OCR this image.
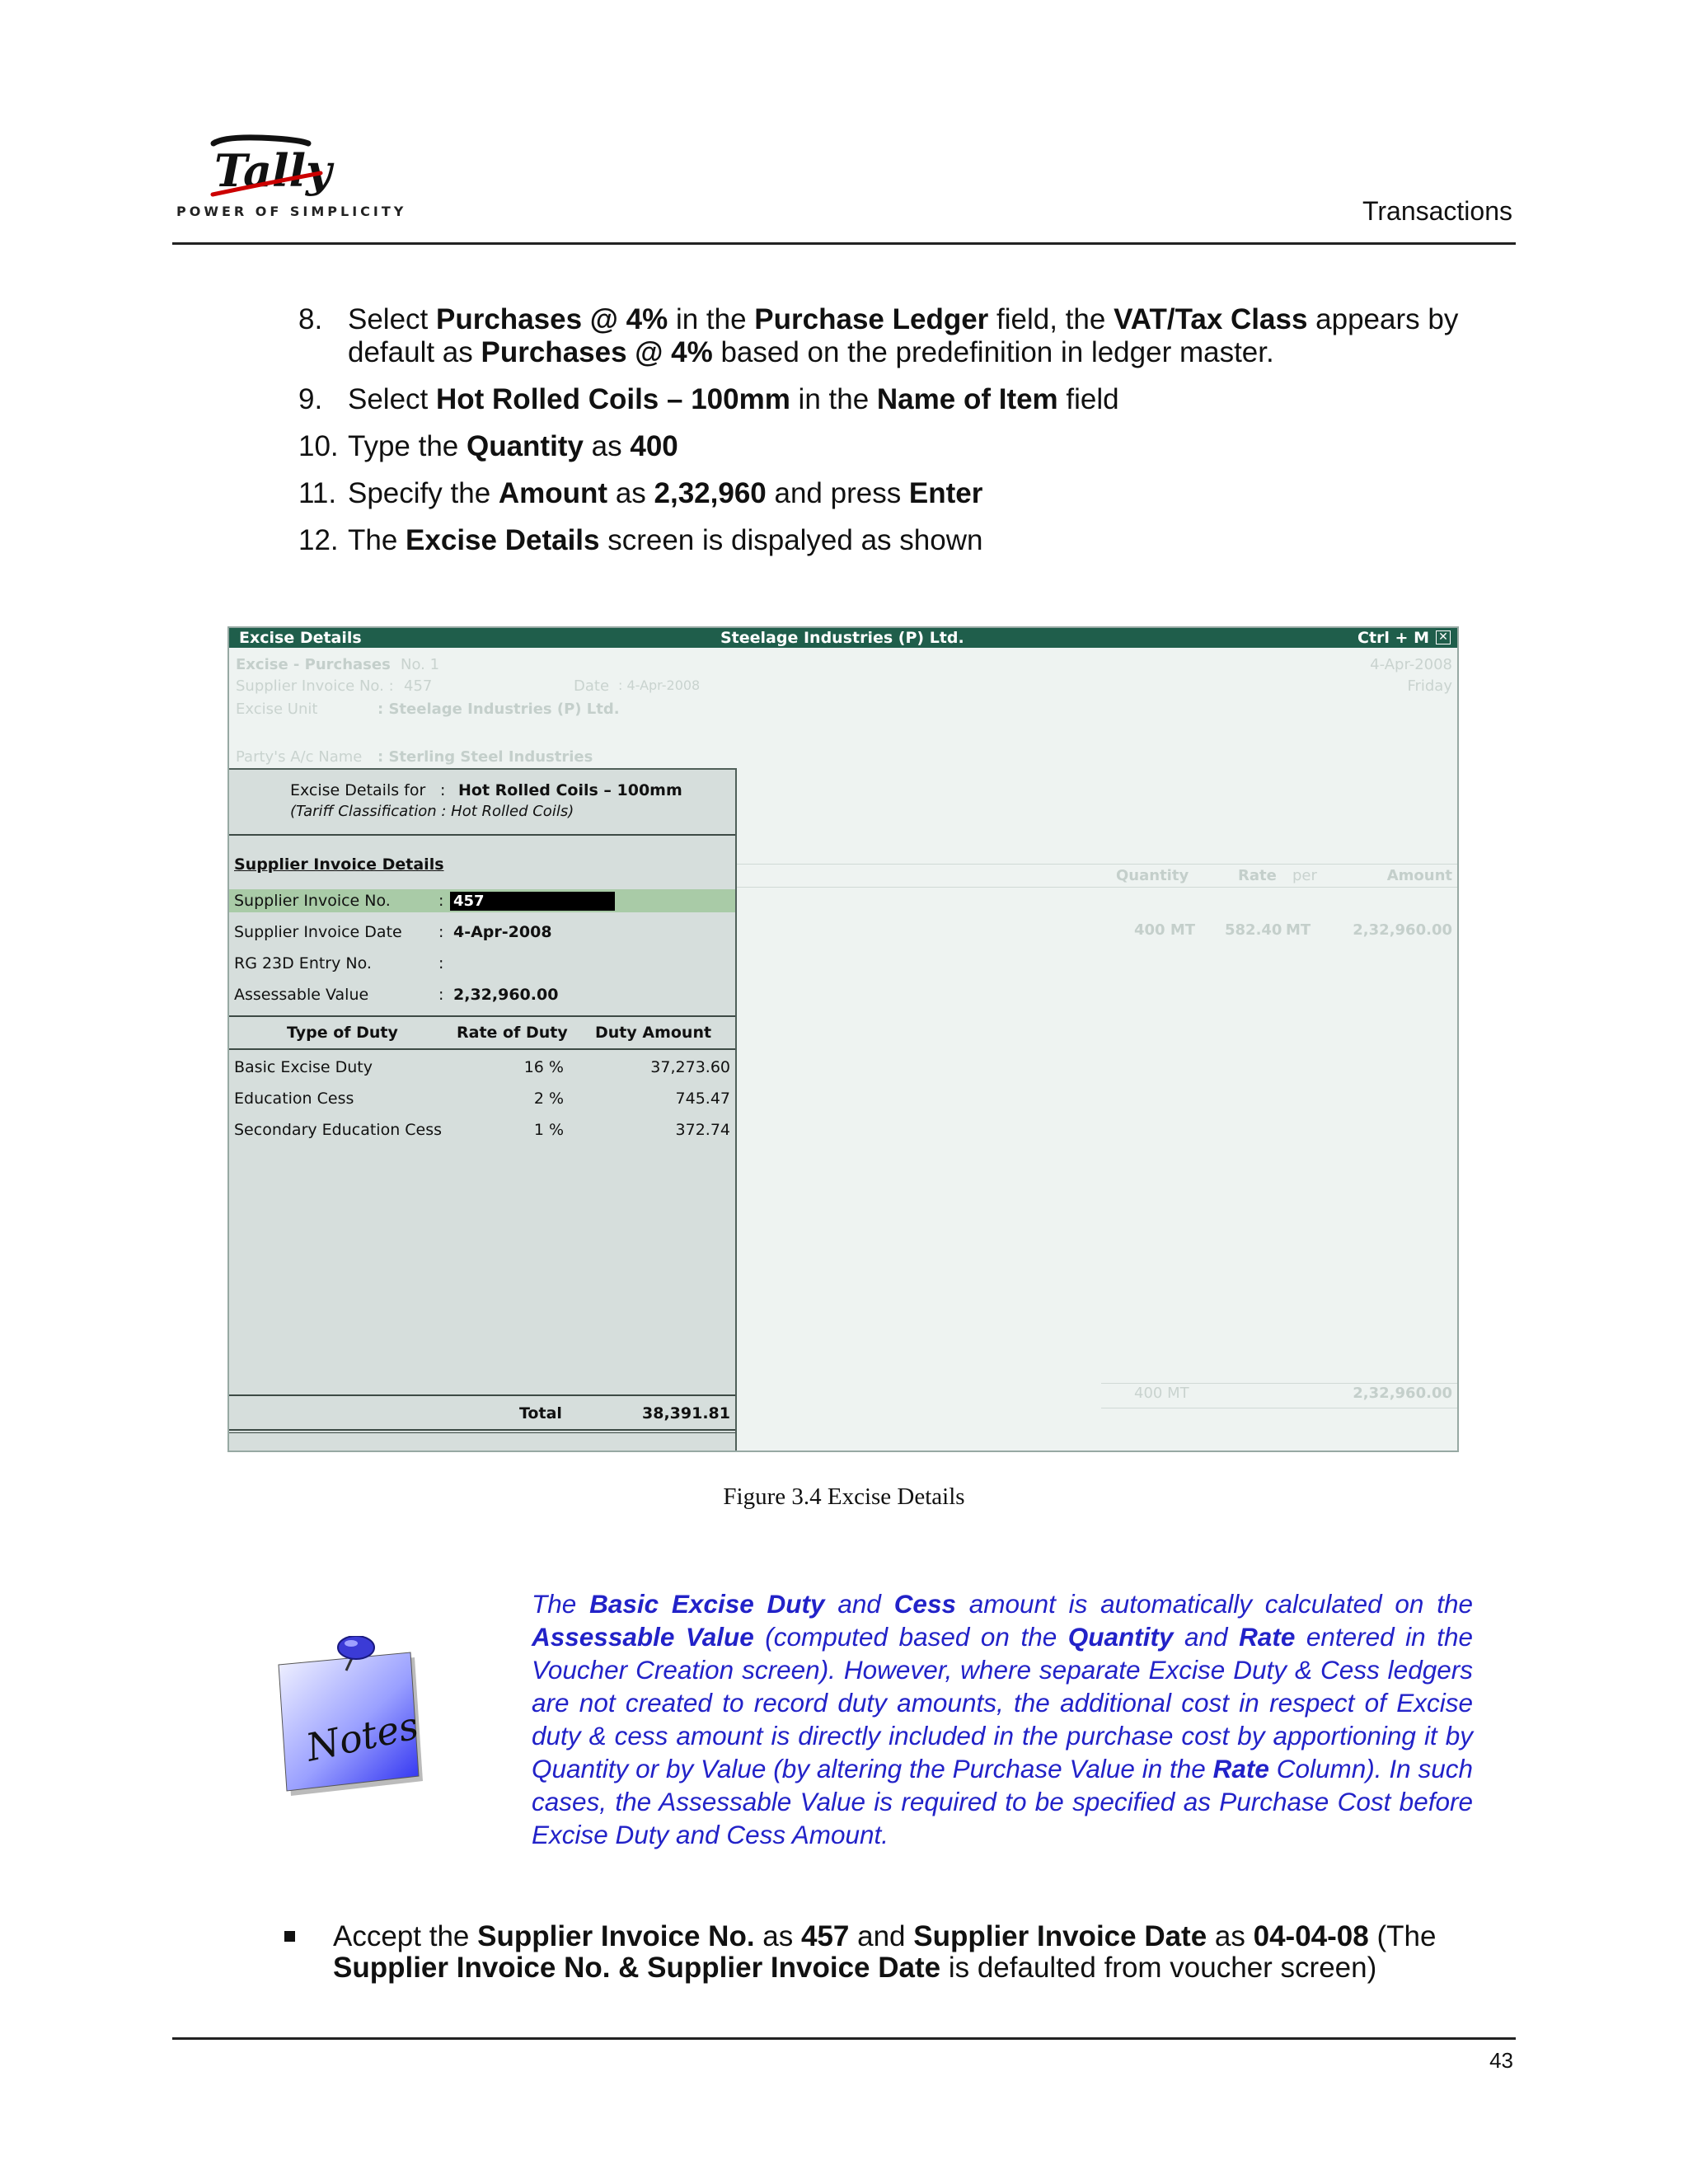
Tally
POWER OF SIMPLICITY	Transactions
8. Select Purchases @ 4% in the Purchase Ledger field, the VAT/Tax Class appears by default as Purchases @ 4% based on the predefinition in ledger master.
9. Select Hot Rolled Coils – 100mm in the Name of Item field
10. Type the Quantity as 400
11. Specify the Amount as 2,32,960 and press Enter
12. The Excise Details screen is dispalyed as shown
Excise Details	Steelage Industries (P) Ltd.	Ctrl + M ✕
Excise - Purchases No. 1	4-Apr-2008
Friday
Supplier Invoice No. : 457	Date : 4-Apr-2008
Excise Unit	: Steelage Industries (P) Ltd.
Party's A/c Name : Sterling Steel Industries
Quantity	Rate per	Amount
400 MT 582.40 MT	2,32,960.00
400 MT	2,32,960.00
Excise Details for : Hot Rolled Coils – 100mm
(Tariff Classification : Hot Rolled Coils)
Supplier Invoice Details
Supplier Invoice No.	: 457
Supplier Invoice Date : 4-Apr-2008
RG 23D Entry No.	:
Assessable Value	: 2,32,960.00
Type of Duty	Rate of Duty Duty Amount
Basic Excise Duty	16 %	37,273.60
Education Cess	2 %	745.47
Secondary Education Cess	1 %	372.74
Total	38,391.81
Figure 3.4 Excise Details
Notes
The Basic Excise Duty and Cess amount is automatically calculated on the Assessable Value (computed based on the Quantity and Rate entered in the Voucher Creation screen). However, where separate Excise Duty & Cess ledgers are not created to record duty amounts, the additional cost in respect of Excise duty & cess amount is directly included in the purchase cost by apportioning it by Quantity or by Value (by altering the Purchase Value in the Rate Column). In such cases, the Assessable Value is required to be specified as Purchase Cost before Excise Duty and Cess Amount.
Accept the Supplier Invoice No. as 457 and Supplier Invoice Date as 04-04-08 (The Supplier Invoice No. & Supplier Invoice Date is defaulted from voucher screen)
43
